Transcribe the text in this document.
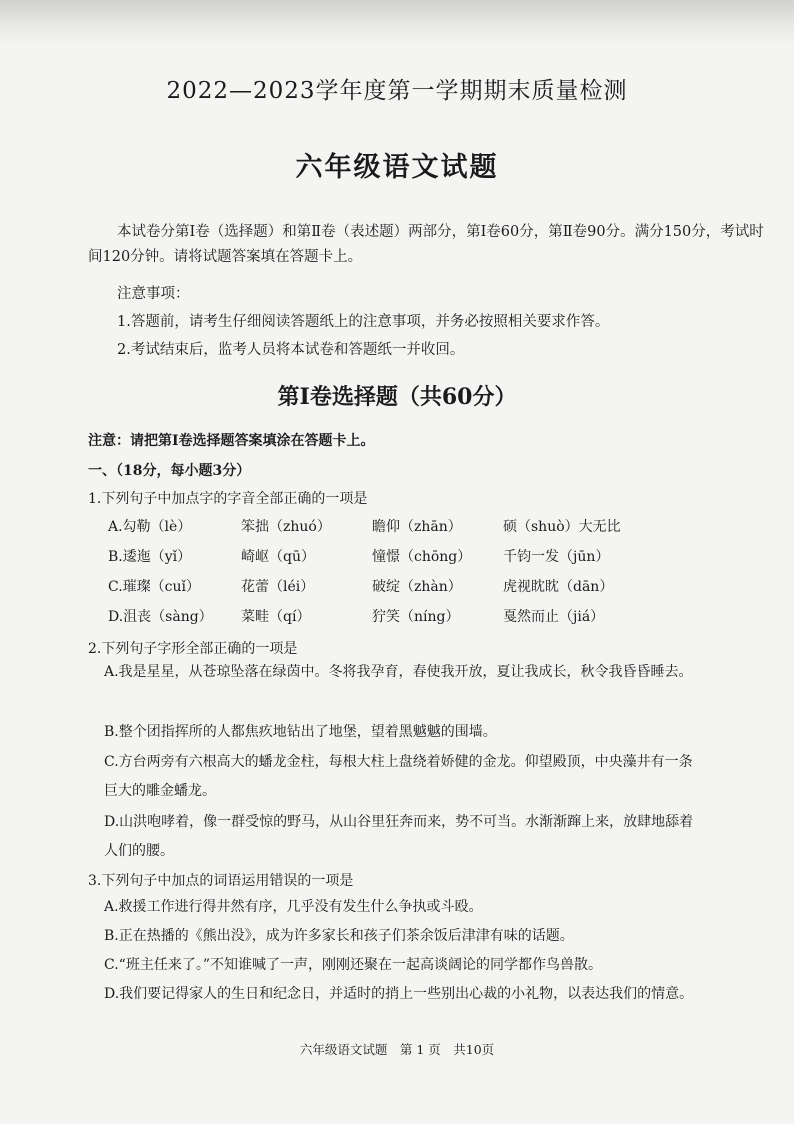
2022—2023学年度第一学期期末质量检测
六年级语文试题
本试卷分第Ⅰ卷（选择题）和第Ⅱ卷（表述题）两部分，第Ⅰ卷60分，第Ⅱ卷90分。满分150分，考试时间120分钟。请将试题答案填在答题卡上。
注意事项：
1.答题前，请考生仔细阅读答题纸上的注意事项，并务必按照相关要求作答。
2.考试结束后，监考人员将本试卷和答题纸一并收回。
第Ⅰ卷选择题（共60分）
注意：请把第Ⅰ卷选择题答案填涂在答题卡上。
一、（18分，每小题3分）
1.下列句子中加点字的字音全部正确的一项是
A.勾勒（lè）	笨拙（zhuó）	瞻仰（zhān）	硕（shuò）大无比
B.逶迤（yǐ）	崎岖（qū）	憧憬（chōng）	千钧一发（jūn）
C.璀璨（cuǐ）	花蕾（léi）	破绽（zhàn）	虎视眈眈（dān）
D.沮丧（sàng）	菜畦（qí）	狞笑（níng）	戛然而止（jiá）
2.下列句子字形全部正确的一项是
A.我是星星，从苍琼坠落在绿茵中。冬将我孕育，春使我开放，夏让我成长，秋令我昏昏睡去。
B.整个团指挥所的人都焦疚地钻出了地堡，望着黑魆魆的围墙。
C.方台两旁有六根高大的蟠龙金柱，每根大柱上盘绕着娇健的金龙。仰望殿顶，中央藻井有一条巨大的雕金蟠龙。
D.山洪咆哮着，像一群受惊的野马，从山谷里狂奔而来，势不可当。水渐渐蹿上来，放肆地舔着人们的腰。
3.下列句子中加点的词语运用错误的一项是
A.救援工作进行得井然有序，几乎没有发生什么争执或斗殴。
B.正在热播的《熊出没》，成为许多家长和孩子们茶余饭后津津有味的话题。
C.“班主任来了。”不知谁喊了一声，刚刚还聚在一起高谈阔论的同学都作鸟兽散。
D.我们要记得家人的生日和纪念日，并适时的捎上一些别出心裁的小礼物，以表达我们的情意。
六年级语文试题　第 1 页　共10页
